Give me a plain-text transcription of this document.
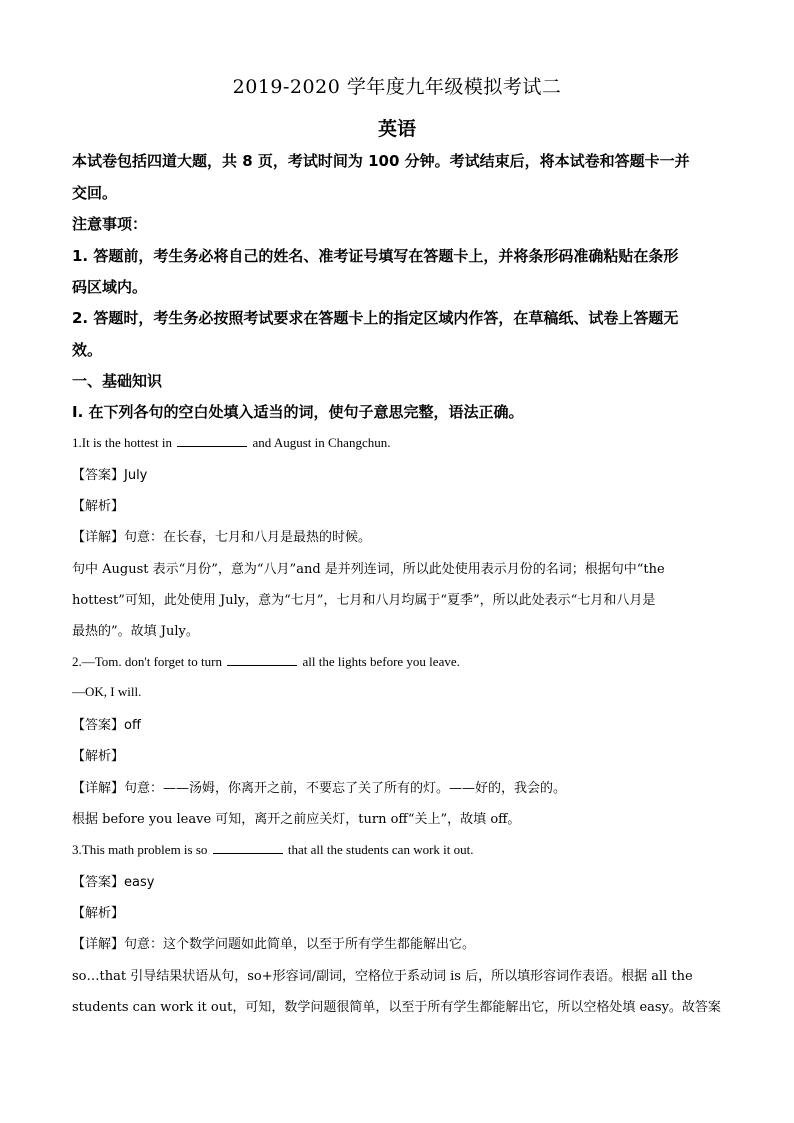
2019-2020 学年度九年级模拟考试二
英语
本试卷包括四道大题，共 8 页，考试时间为 100 分钟。考试结束后，将本试卷和答题卡一并
交回。
注意事项：
1. 答题前，考生务必将自己的姓名、准考证号填写在答题卡上，并将条形码准确粘贴在条形
码区域内。
2. 答题时，考生务必按照考试要求在答题卡上的指定区域内作答，在草稿纸、试卷上答题无
效。
一、基础知识
I. 在下列各句的空白处填入适当的词，使句子意思完整，语法正确。
1.It is the hottest in	and August in Changchun.
【答案】July
【解析】
【详解】句意：在长春，七月和八月是最热的时候。
句中 August 表示“月份”，意为“八月”and 是并列连词，所以此处使用表示月份的名词；根据句中“the
hottest”可知，此处使用 July，意为“七月”，七月和八月均属于“夏季”，所以此处表示“七月和八月是
最热的”。故填 July。
2.—Tom. don't forget to turn	all the lights before you leave.
—OK, I will.
【答案】off
【解析】
【详解】句意：——汤姆，你离开之前，不要忘了关了所有的灯。——好的，我会的。
根据 before you leave 可知，离开之前应关灯，turn off“关上”，故填 off。
3.This math problem is so	that all the students can work it out.
【答案】easy
【解析】
【详解】句意：这个数学问题如此简单，以至于所有学生都能解出它。
so…that 引导结果状语从句，so+形容词/副词，空格位于系动词 is 后，所以填形容词作表语。根据 all the
students can work it out，可知，数学问题很简单，以至于所有学生都能解出它，所以空格处填 easy。故答案
